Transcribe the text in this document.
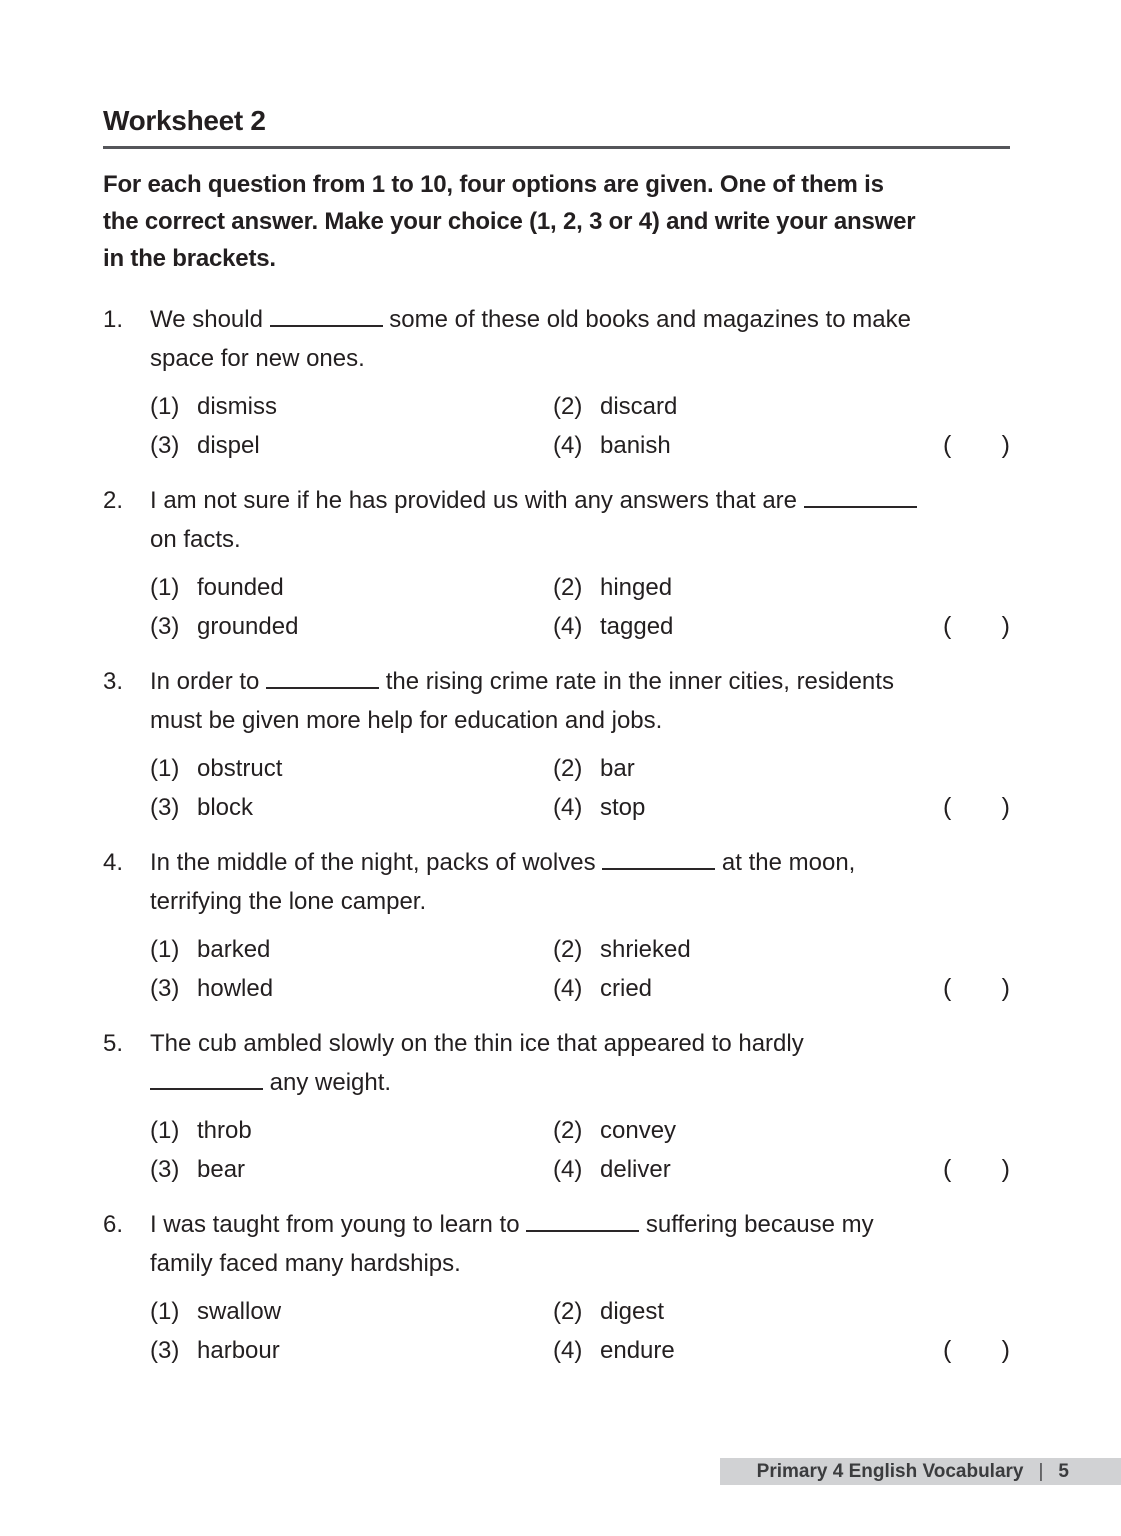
Worksheet 2
For each question from 1 to 10, four options are given. One of them is
the correct answer. Make your choice (1, 2, 3 or 4) and write your answer
in the brackets.
1.	We should	some of these old books and magazines to make
space for new ones.
(1) dismiss	(2) discard
(3) dispel	(4) banish	( )
2.	I am not sure if he has provided us with any answers that are
on facts.
(1) founded	(2) hinged
(3) grounded	(4) tagged	( )
3.	In order to	the rising crime rate in the inner cities, residents
must be given more help for education and jobs.
(1) obstruct	(2) bar
(3) block	(4) stop	( )
4.	In the middle of the night, packs of wolves	at the moon,
terrifying the lone camper.
(1) barked	(2) shrieked
(3) howled	(4) cried	( )
5.	The cub ambled slowly on the thin ice that appeared to hardly
any weight.
(1) throb	(2) convey
(3) bear	(4) deliver	( )
6.	I was taught from young to learn to	suffering because my
family faced many hardships.
(1) swallow	(2) digest
(3) harbour	(4) endure	( )
Primary 4 English Vocabulary | 5
